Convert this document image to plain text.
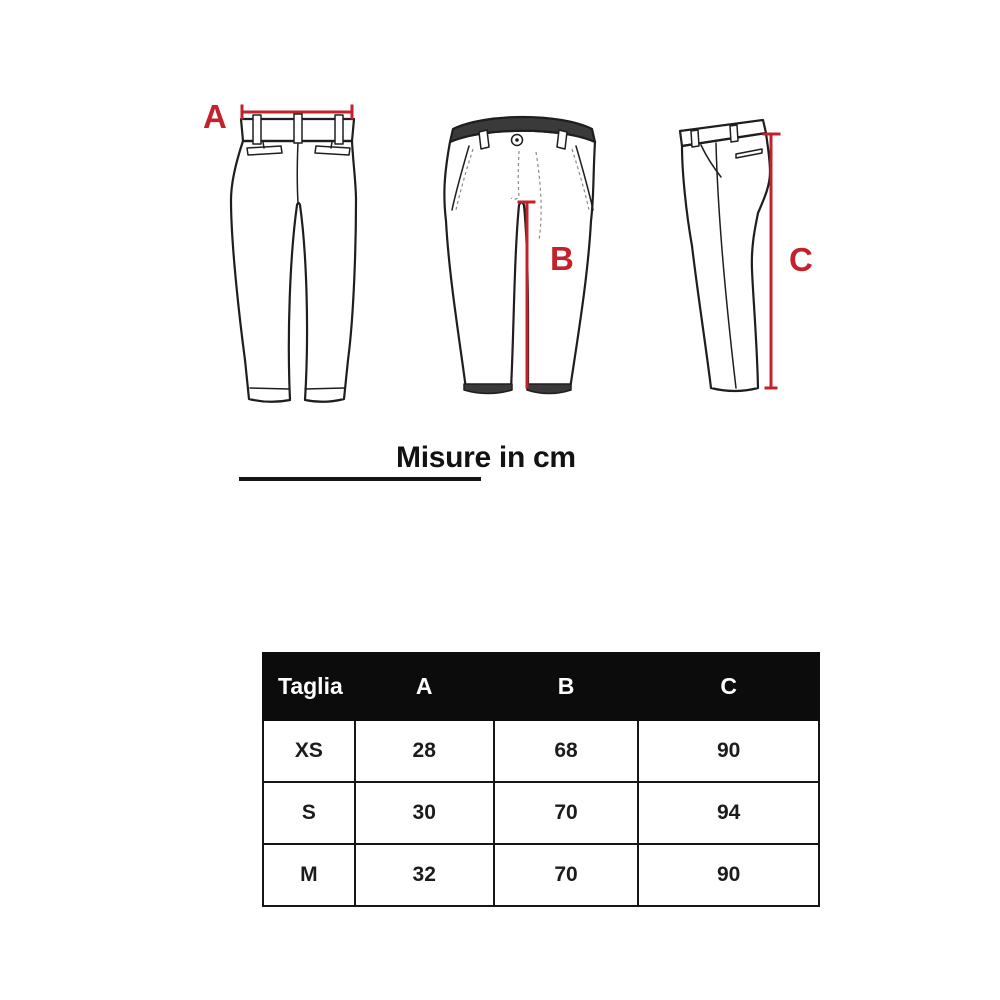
A
B	C
Misure in cm
Taglia	A	B	C
XS	28	68	90
S	30	70	94
M	32	70	90
